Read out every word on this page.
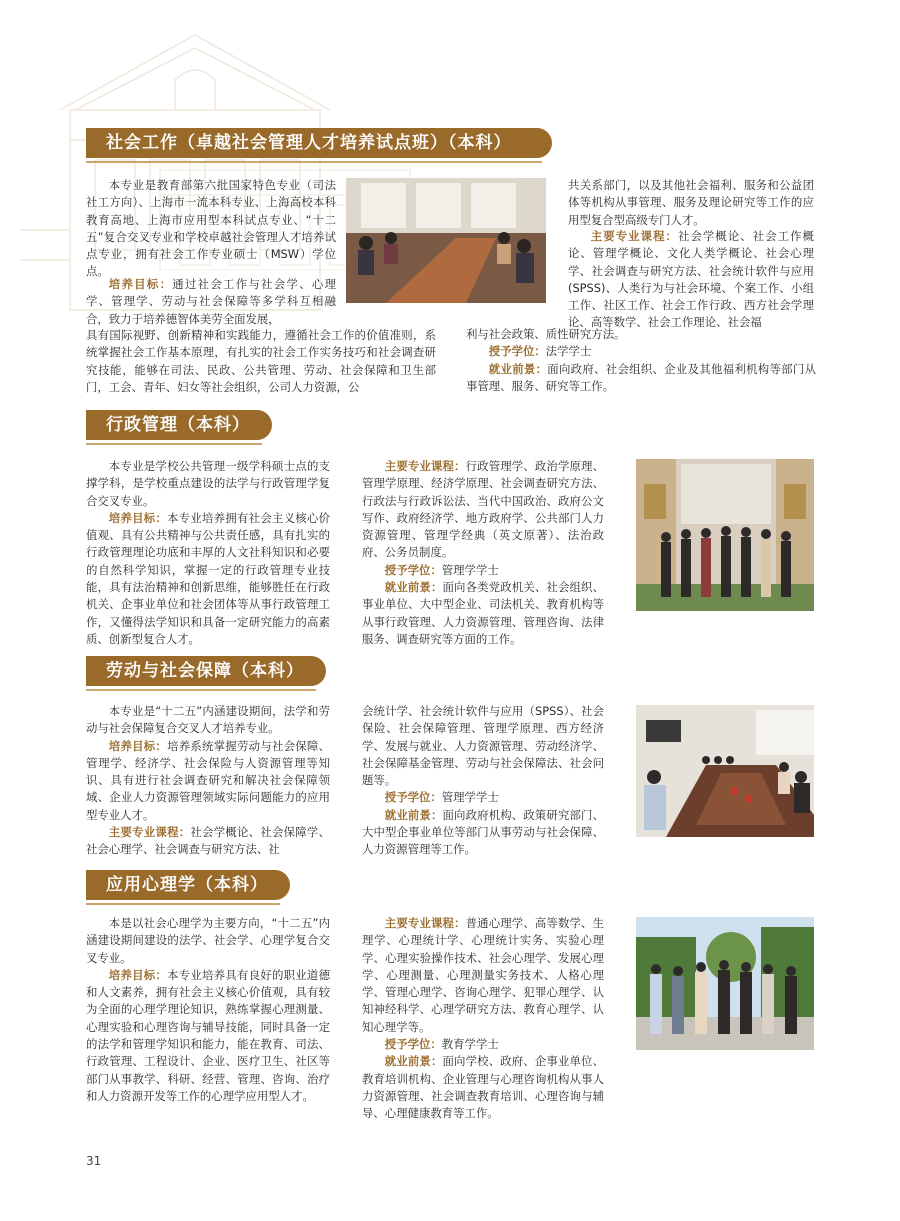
社会工作（卓越社会管理人才培养试点班）（本科）

本专业是教育部第六批国家特色专业（司法社工方向）、上海市一流本科专业、上海高校本科教育高地、上海市应用型本科试点专业、“十二五”复合交叉专业和学校卓越社会管理人才培养试点专业，拥有社会工作专业硕士（MSW）学位点。

培养目标：通过社会工作与社会学、心理学、管理学、劳动与社会保障等多学科互相融合，致力于培养德智体美劳全面发展，

具有国际视野、创新精神和实践能力，遵循社会工作的价值准则，系统掌握社会工作基本原理，有扎实的社会工作实务技巧和社会调查研究技能，能够在司法、民政、公共管理、劳动、社会保障和卫生部门，工会、青年、妇女等社会组织，公司人力资源，公
共关系部门，以及其他社会福利、服务和公益团体等机构从事管理、服务及理论研究等工作的应用型复合型高级专门人才。

主要专业课程：社会学概论、社会工作概论、管理学概论、文化人类学概论、社会心理学、社会调查与研究方法、社会统计软件与应用 (SPSS)、人类行为与社会环境、个案工作、小组工作、社区工作、社会工作行政、西方社会学理论、高等数学、社会工作理论、社会福

利与社会政策、质性研究方法。

授予学位：法学学士

就业前景：面向政府、社会组织、企业及其他福利机构等部门从事管理、服务、研究等工作。

行政管理（本科）

本专业是学校公共管理一级学科硕士点的支撑学科，是学校重点建设的法学与行政管理学复合交叉专业。

培养目标：本专业培养拥有社会主义核心价值观、具有公共精神与公共责任感，具有扎实的行政管理理论功底和丰厚的人文社科知识和必要的自然科学知识，掌握一定的行政管理专业技能，具有法治精神和创新思维，能够胜任在行政机关、企事业单位和社会团体等从事行政管理工作，又懂得法学知识和具备一定研究能力的高素质、创新型复合人才。

主要专业课程：行政管理学、政治学原理、管理学原理、经济学原理、社会调查研究方法、行政法与行政诉讼法、当代中国政治、政府公文写作、政府经济学、地方政府学、公共部门人力资源管理、管理学经典（英文原著）、法治政府、公务员制度。

授予学位：管理学学士

就业前景：面向各类党政机关、社会组织、事业单位、大中型企业、司法机关、教育机构等从事行政管理、人力资源管理、管理咨询、法律服务、调查研究等方面的工作。

劳动与社会保障（本科）

本专业是“十二五”内涵建设期间，法学和劳动与社会保障复合交叉人才培养专业。

培养目标：培养系统掌握劳动与社会保障、管理学、经济学、社会保险与人资源管理等知识、具有进行社会调查研究和解决社会保障领域、企业人力资源管理领域实际问题能力的应用型专业人才。

主要专业课程：社会学概论、社会保障学、社会心理学、社会调查与研究方法、社

会统计学、社会统计软件与应用（SPSS）、社会保险、社会保障管理、管理学原理、西方经济学、发展与就业、人力资源管理、劳动经济学、社会保障基金管理、劳动与社会保障法、社会问题等。

授予学位：管理学学士

就业前景：面向政府机构、政策研究部门、大中型企事业单位等部门从事劳动与社会保障、人力资源管理等工作。

应用心理学（本科）

本是以社会心理学为主要方向，“十二五”内涵建设期间建设的法学、社会学、心理学复合交叉专业。

培养目标：本专业培养具有良好的职业道德和人文素养，拥有社会主义核心价值观，具有较为全面的心理学理论知识，熟练掌握心理测量、心理实验和心理咨询与辅导技能，同时具备一定的法学和管理学知识和能力，能在教育、司法、行政管理、工程设计、企业、医疗卫生、社区等部门从事教学、科研、经营、管理、咨询、治疗和人力资源开发等工作的心理学应用型人才。

主要专业课程：普通心理学、高等数学、生理学、心理统计学、心理统计实务、实验心理学、心理实验操作技术、社会心理学、发展心理学、心理测量、心理测量实务技术、人格心理学、管理心理学、咨询心理学、犯罪心理学、认知神经科学、心理学研究方法、教育心理学、认知心理学等。

授予学位：教育学学士

就业前景：面向学校、政府、企事业单位、教育培训机构、企业管理与心理咨询机构从事人力资源管理、社会调查教育培训、心理咨询与辅导、心理健康教育等工作。

31
